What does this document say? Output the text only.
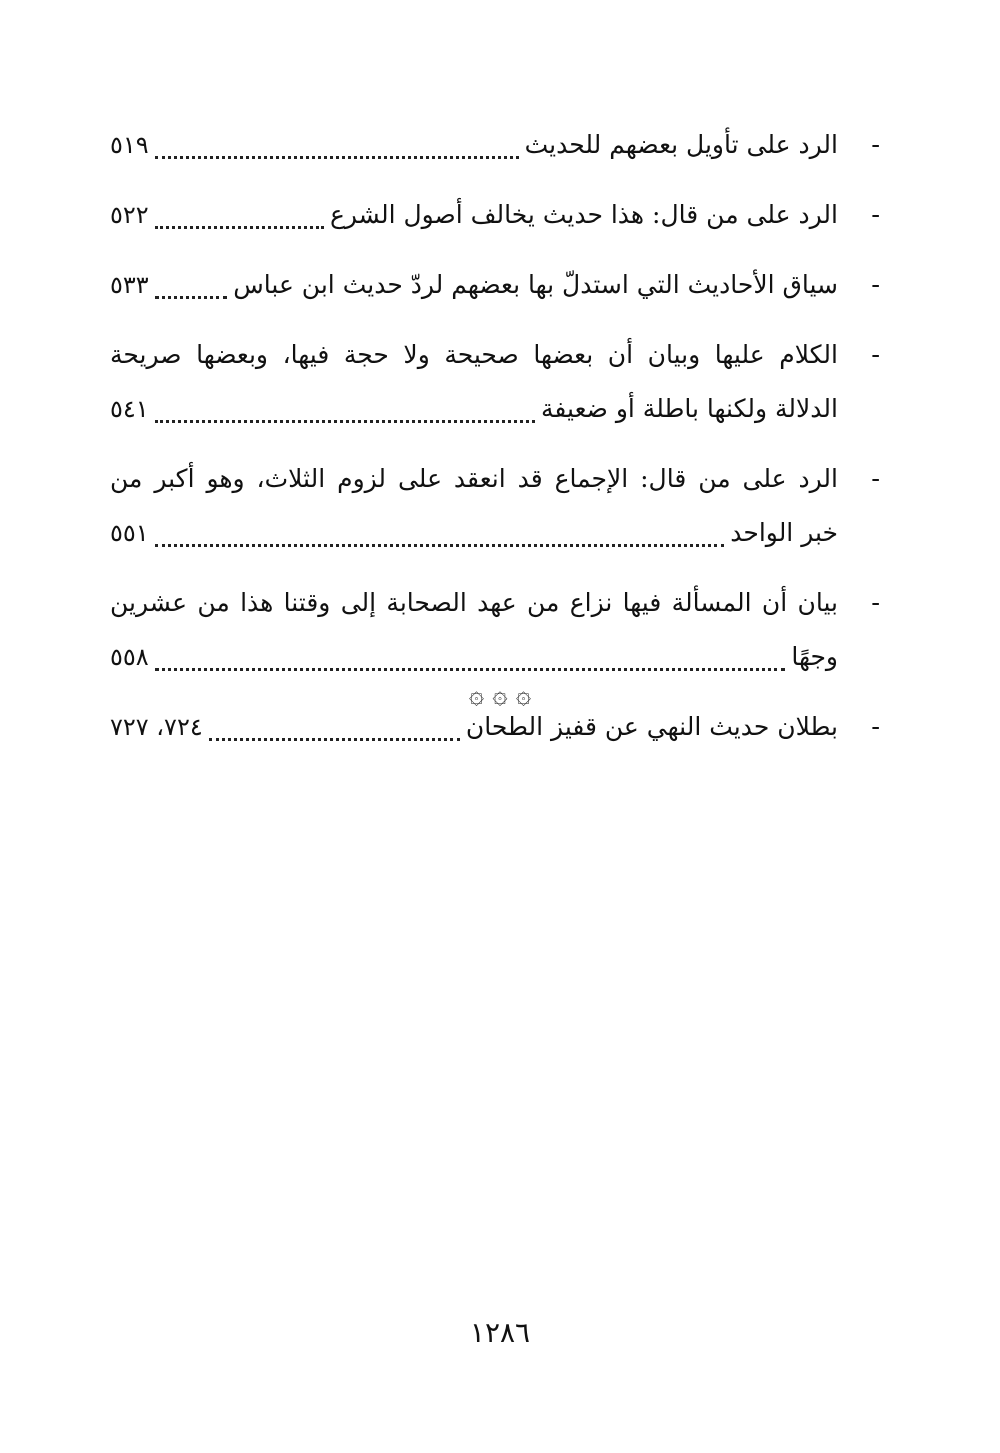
-
الرد على تأويل بعضهم للحديث
٥١٩
-
الرد على من قال: هذا حديث يخالف أصول الشرع
٥٢٢
-
سياق الأحاديث التي استدلّ بها بعضهم لردّ حديث ابن عباس
٥٣٣
-
الكلام عليها وبيان أن بعضها صحيحة ولا حجة فيها، وبعضها صريحة
الدلالة ولكنها باطلة أو ضعيفة
٥٤١
-
الرد على من قال: الإجماع قد انعقد على لزوم الثلاث، وهو أكبر من
خبر الواحد
٥٥١
-
بيان أن المسألة فيها نزاع من عهد الصحابة إلى وقتنا هذا من عشرين
وجهًا
٥٥٨
-
بطلان حديث النهي عن قفيز الطحان
٧٢٤، ٧٢٧
۞ ۞ ۞
١٢٨٦
